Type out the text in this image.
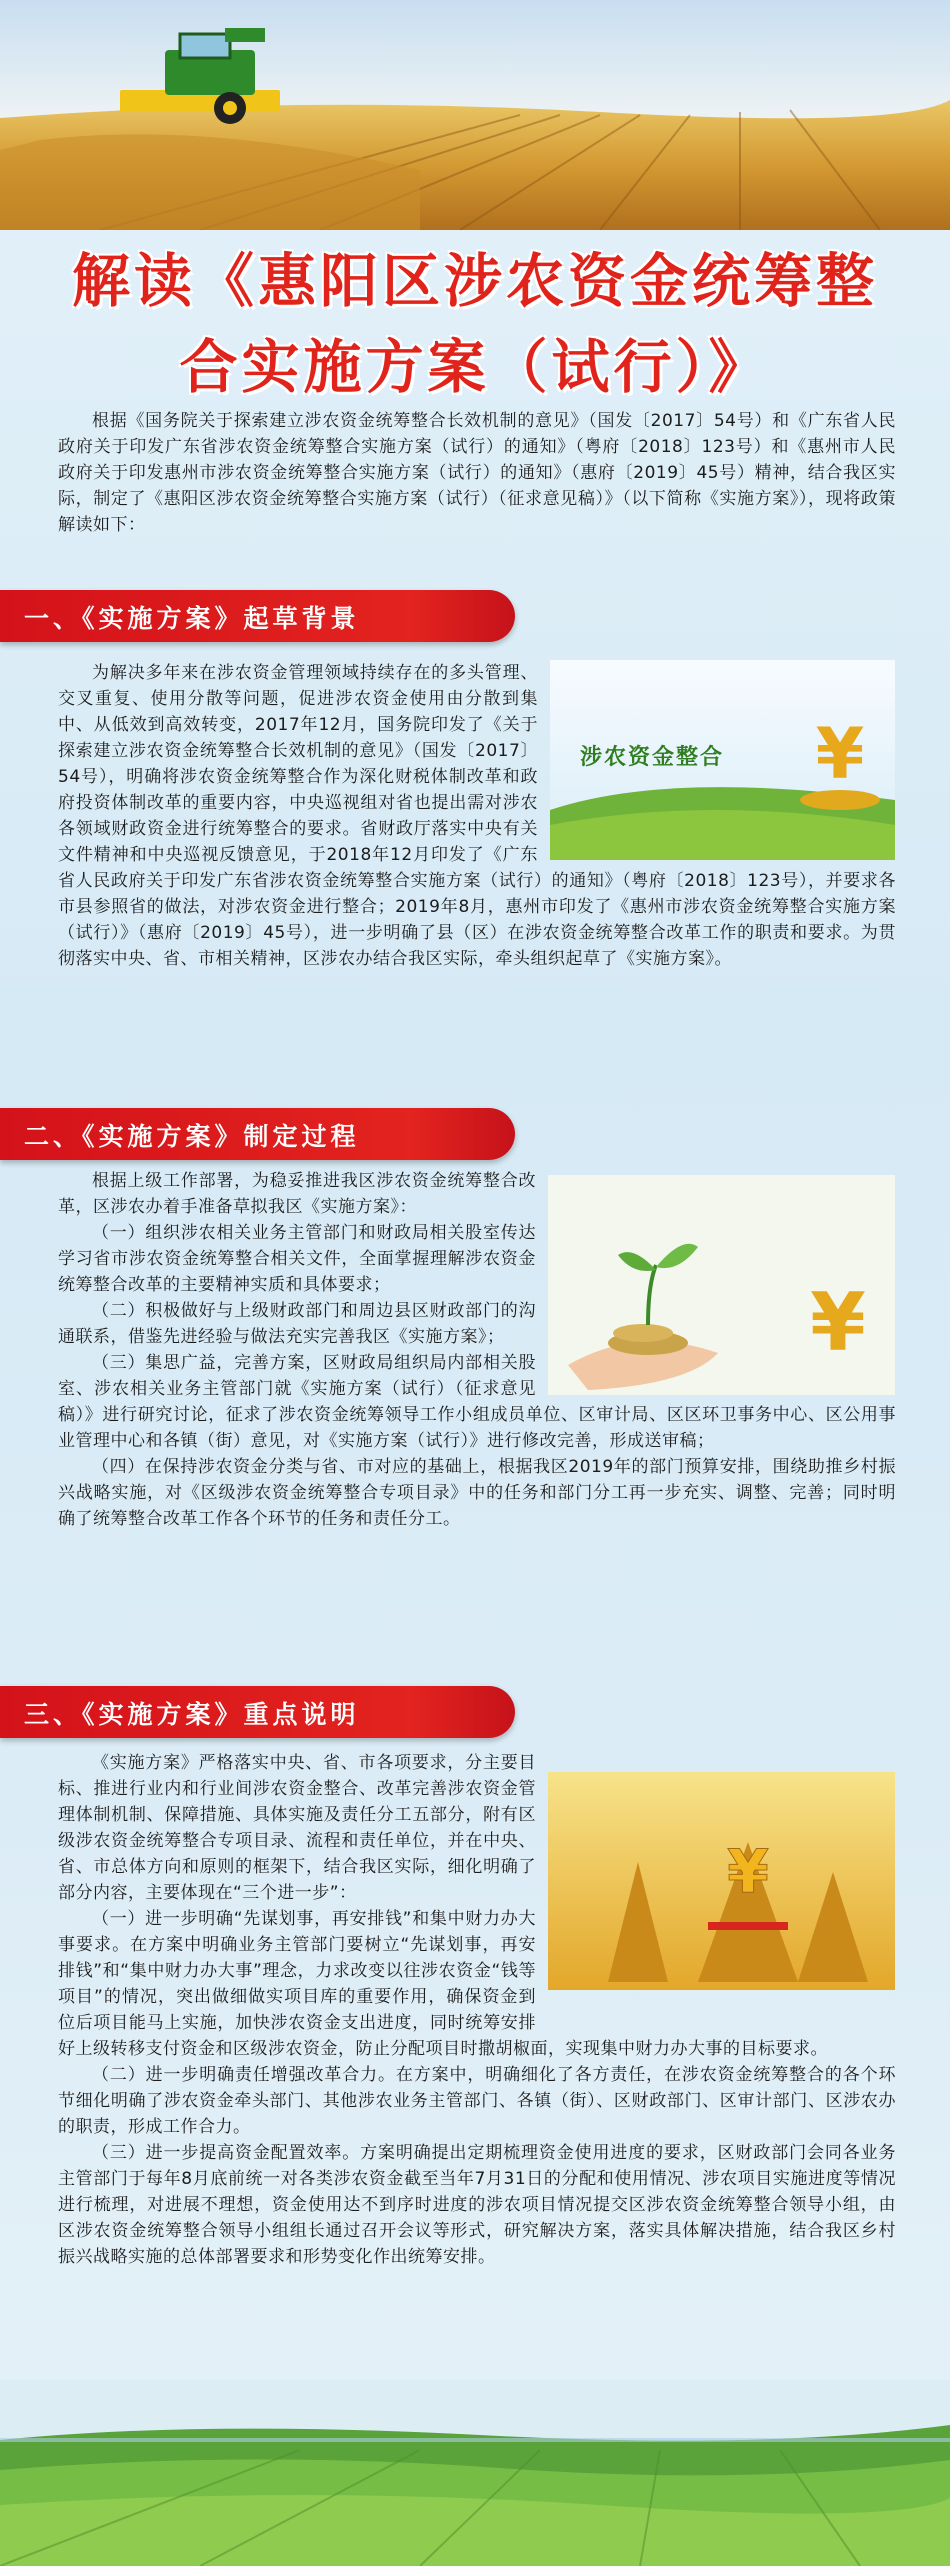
解读《惠阳区涉农资金统筹整
合实施方案（试行）》
根据《国务院关于探索建立涉农资金统筹整合长效机制的意见》（国发〔2017〕54号）和《广东省人民政府关于印发广东省涉农资金统筹整合实施方案（试行）的通知》（粤府〔2018〕123号）和《惠州市人民政府关于印发惠州市涉农资金统筹整合实施方案（试行）的通知》（惠府〔2019〕45号）精神，结合我区实际，制定了《惠阳区涉农资金统筹整合实施方案（试行）（征求意见稿）》（以下简称《实施方案》），现将政策解读如下：
一、《实施方案》起草背景
¥
涉农资金整合
为解决多年来在涉农资金管理领域持续存在的多头管理、交叉重复、使用分散等问题，促进涉农资金使用由分散到集中、从低效到高效转变，2017年12月，国务院印发了《关于探索建立涉农资金统筹整合长效机制的意见》（国发〔2017〕54号），明确将涉农资金统筹整合作为深化财税体制改革和政府投资体制改革的重要内容，中央巡视组对省也提出需对涉农各领域财政资金进行统筹整合的要求。省财政厅落实中央有关文件精神和中央巡视反馈意见，于2018年12月印发了《广东省人民政府关于印发广东省涉农资金统筹整合实施方案（试行）的通知》（粤府〔2018〕123号），并要求各市县参照省的做法，对涉农资金进行整合；2019年8月，惠州市印发了《惠州市涉农资金统筹整合实施方案（试行）》（惠府〔2019〕45号），进一步明确了县（区）在涉农资金统筹整合改革工作的职责和要求。为贯彻落实中央、省、市相关精神，区涉农办结合我区实际，牵头组织起草了《实施方案》。
二、《实施方案》制定过程
¥
根据上级工作部署，为稳妥推进我区涉农资金统筹整合改革，区涉农办着手准备草拟我区《实施方案》：
（一）组织涉农相关业务主管部门和财政局相关股室传达学习省市涉农资金统筹整合相关文件，全面掌握理解涉农资金统筹整合改革的主要精神实质和具体要求；
（二）积极做好与上级财政部门和周边县区财政部门的沟通联系，借鉴先进经验与做法充实完善我区《实施方案》；
（三）集思广益，完善方案，区财政局组织局内部相关股室、涉农相关业务主管部门就《实施方案（试行）（征求意见稿）》进行研究讨论，征求了涉农资金统筹领导工作小组成员单位、区审计局、区区环卫事务中心、区公用事业管理中心和各镇（街）意见，对《实施方案（试行）》进行修改完善，形成送审稿；
（四）在保持涉农资金分类与省、市对应的基础上，根据我区2019年的部门预算安排，围绕助推乡村振兴战略实施，对《区级涉农资金统筹整合专项目录》中的任务和部门分工再一步充实、调整、完善；同时明确了统筹整合改革工作各个环节的任务和责任分工。
三、《实施方案》重点说明
¥
《实施方案》严格落实中央、省、市各项要求，分主要目标、推进行业内和行业间涉农资金整合、改革完善涉农资金管理体制机制、保障措施、具体实施及责任分工五部分，附有区级涉农资金统筹整合专项目录、流程和责任单位，并在中央、省、市总体方向和原则的框架下，结合我区实际，细化明确了部分内容，主要体现在“三个进一步”：
（一）进一步明确“先谋划事，再安排钱”和集中财力办大事要求。在方案中明确业务主管部门要树立“先谋划事，再安排钱”和“集中财力办大事”理念，力求改变以往涉农资金“钱等项目”的情况，突出做细做实项目库的重要作用，确保资金到位后项目能马上实施，加快涉农资金支出进度，同时统筹安排好上级转移支付资金和区级涉农资金，防止分配项目时撒胡椒面，实现集中财力办大事的目标要求。
（二）进一步明确责任增强改革合力。在方案中，明确细化了各方责任，在涉农资金统筹整合的各个环节细化明确了涉农资金牵头部门、其他涉农业务主管部门、各镇（街）、区财政部门、区审计部门、区涉农办的职责，形成工作合力。
（三）进一步提高资金配置效率。方案明确提出定期梳理资金使用进度的要求，区财政部门会同各业务主管部门于每年8月底前统一对各类涉农资金截至当年7月31日的分配和使用情况、涉农项目实施进度等情况进行梳理，对进展不理想，资金使用达不到序时进度的涉农项目情况提交区涉农资金统筹整合领导小组，由区涉农资金统筹整合领导小组组长通过召开会议等形式，研究解决方案，落实具体解决措施，结合我区乡村振兴战略实施的总体部署要求和形势变化作出统筹安排。
